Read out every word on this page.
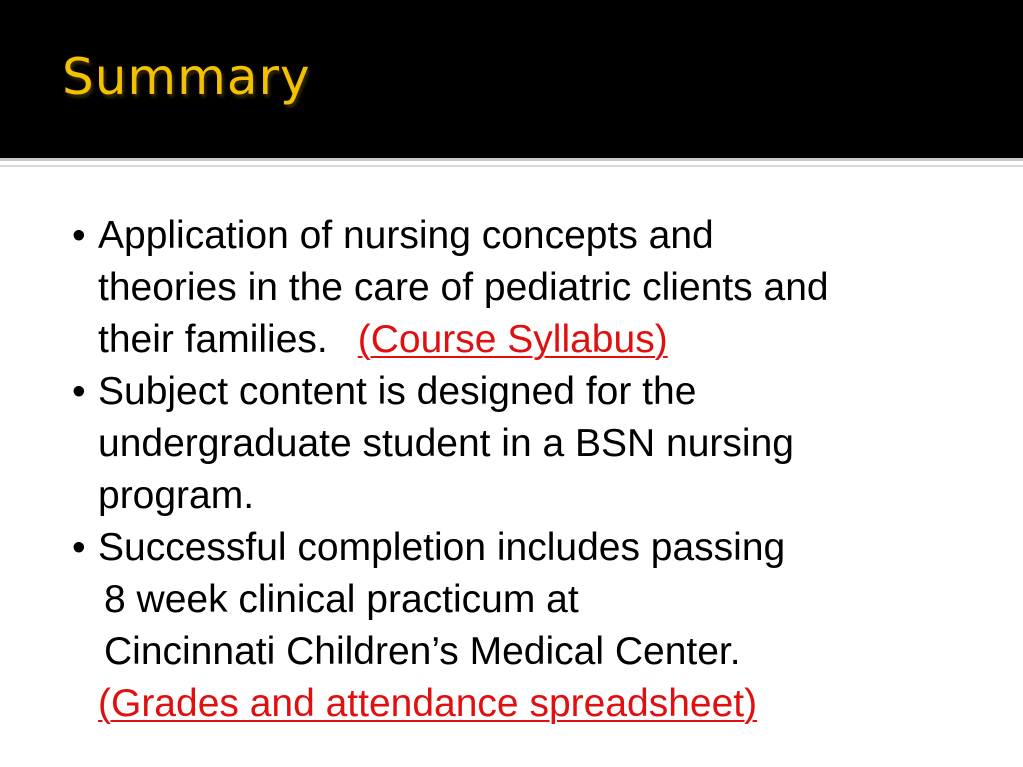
Summary
• Application of nursing concepts and
theories in the care of pediatric clients and
their families. (Course Syllabus)
• Subject content is designed for the
undergraduate student in a BSN nursing
program.
• Successful completion includes passing
8 week clinical practicum at
Cincinnati Children’s Medical Center.
(Grades and attendance spreadsheet)
